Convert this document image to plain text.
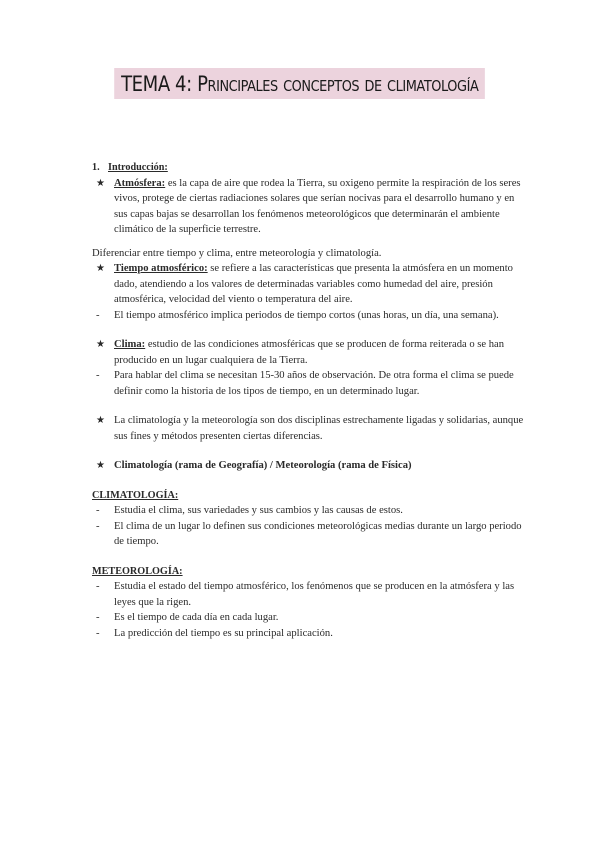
TEMA 4: Principales conceptos de climatología

1. Introducción:

★ Atmósfera: es la capa de aire que rodea la Tierra, su oxigeno permite la respiración de los seres vivos, protege de ciertas radiaciones solares que serían nocivas para el desarrollo humano y en sus capas bajas se desarrollan los fenómenos meteorológicos que determinarán el ambiente climático de la superficie terrestre.

Diferenciar entre tiempo y clima, entre meteorología y climatología.

★ Tiempo atmosférico: se refiere a las características que presenta la atmósfera en un momento dado, atendiendo a los valores de determinadas variables como humedad del aire, presión atmosférica, velocidad del viento o temperatura del aire.
- El tiempo atmosférico implica periodos de tiempo cortos (unas horas, un día, una semana).
★ Clima: estudio de las condiciones atmosféricas que se producen de forma reiterada o se han producido en un lugar cualquiera de la Tierra.
- Para hablar del clima se necesitan 15-30 años de observación. De otra forma el clima se puede definir como la historia de los tipos de tiempo, en un determinado lugar.
★ La climatología y la meteorología son dos disciplinas estrechamente ligadas y solidarias, aunque sus fines y métodos presenten ciertas diferencias.
★ Climatología (rama de Geografía) / Meteorología (rama de Física)

CLIMATOLOGÍA:

- Estudia el clima, sus variedades y sus cambios y las causas de estos.
- El clima de un lugar lo definen sus condiciones meteorológicas medias durante un largo periodo de tiempo.

METEOROLOGÍA:

- Estudia el estado del tiempo atmosférico, los fenómenos que se producen en la atmósfera y las leyes que la rigen.
- Es el tiempo de cada día en cada lugar.
- La predicción del tiempo es su principal aplicación.
